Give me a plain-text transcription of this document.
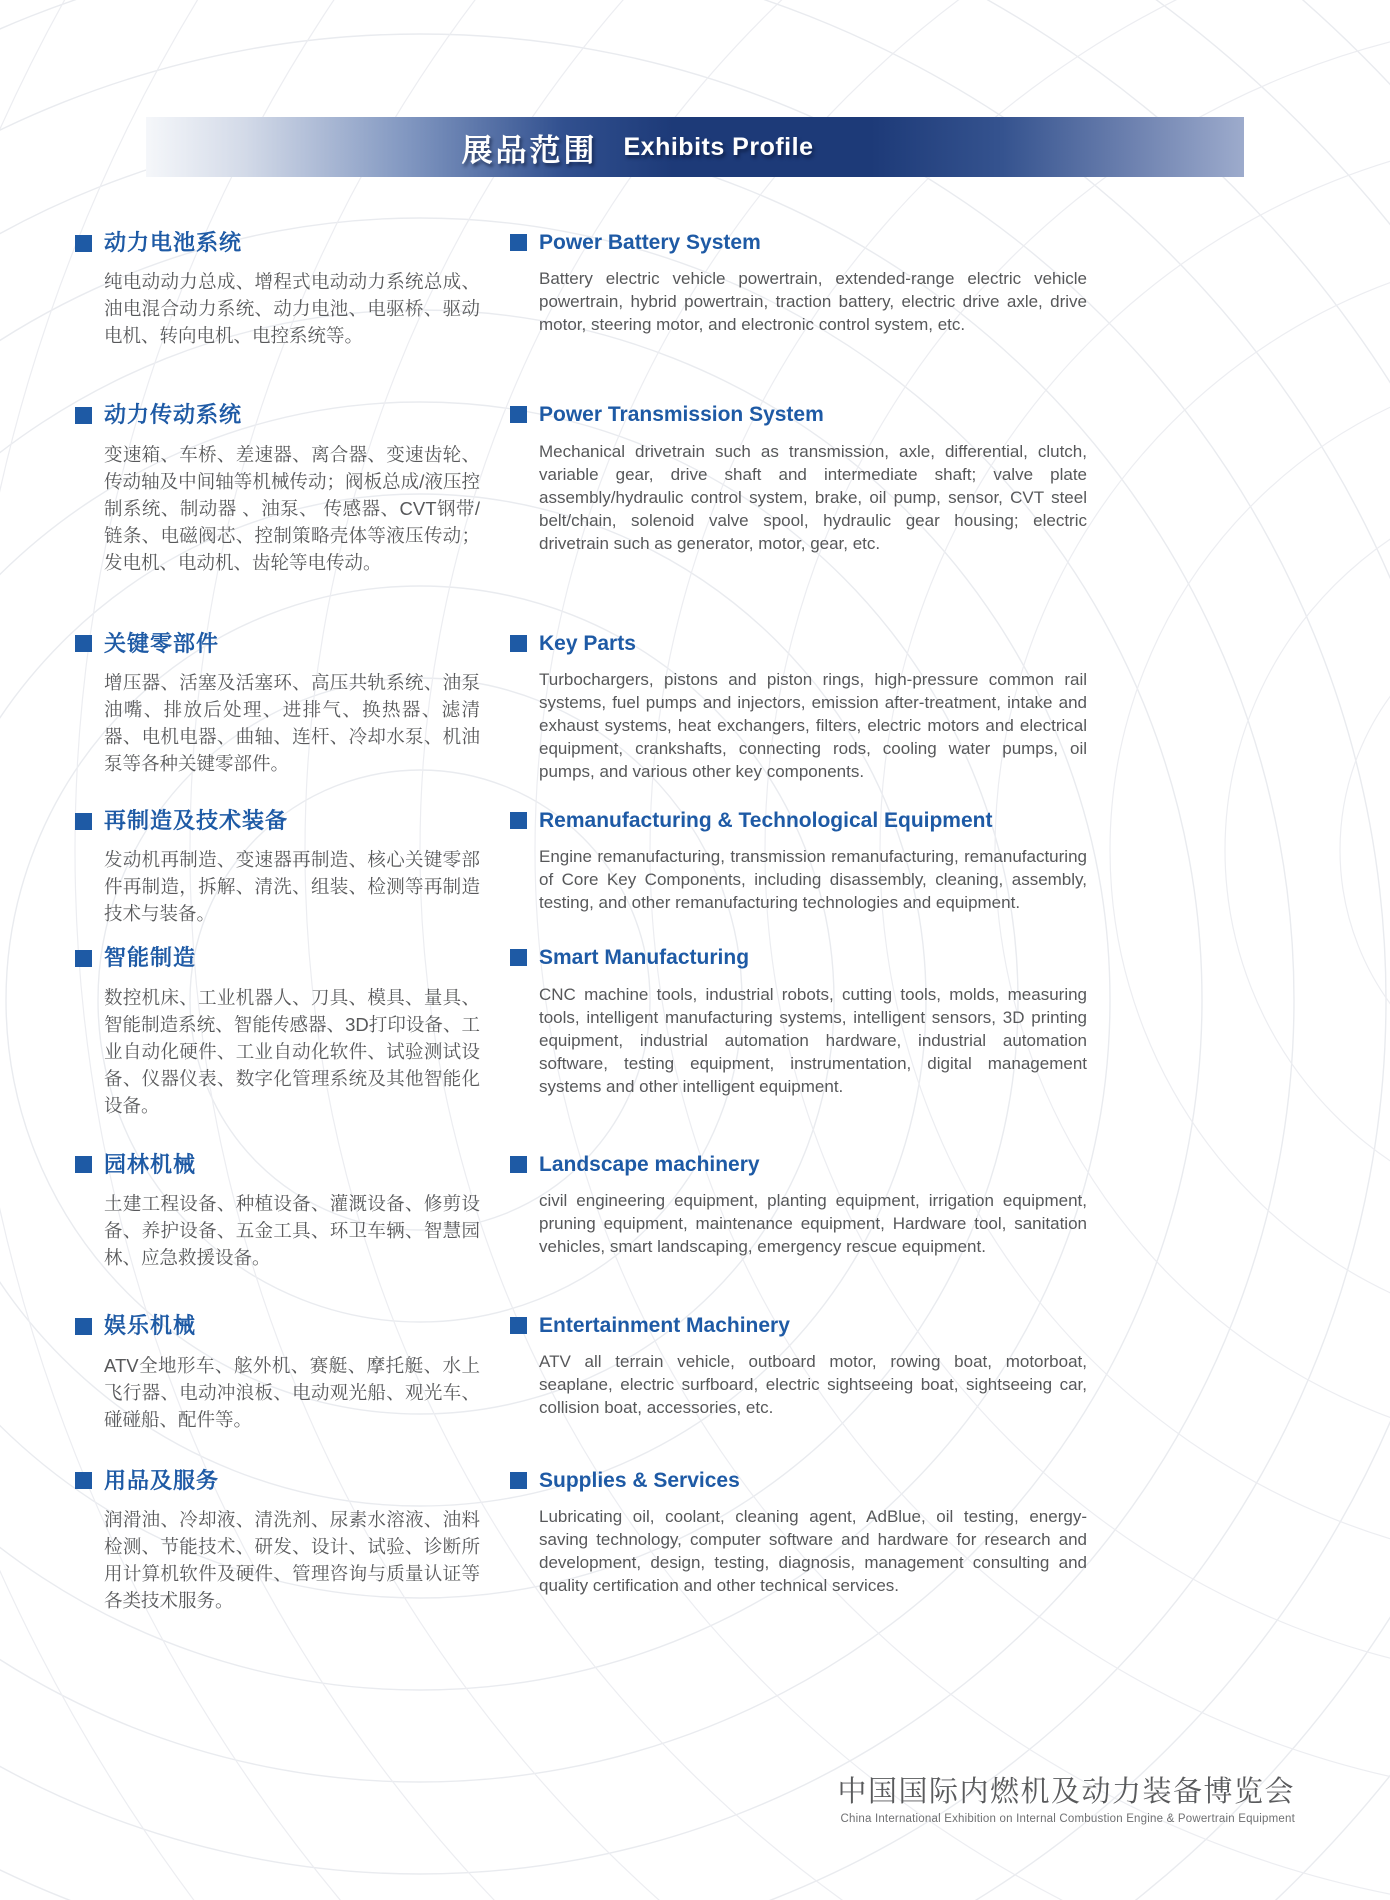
展品范围 Exhibits Profile
动力电池系统
纯电动动力总成、增程式电动动力系统总成、油电混合动力系统、动力电池、电驱桥、驱动电机、转向电机、电控系统等。
Power Battery System
Battery electric vehicle powertrain, extended-range electric vehicle powertrain, hybrid powertrain, traction battery, electric drive axle, drive motor, steering motor, and electronic control system, etc.
动力传动系统
变速箱、车桥、差速器、离合器、变速齿轮、传动轴及中间轴等机械传动；阀板总成/液压控制系统、制动器 、油泵、 传感器、CVT钢带/链条、电磁阀芯、控制策略壳体等液压传动；发电机、电动机、齿轮等电传动。
Power Transmission System
Mechanical drivetrain such as transmission, axle, differential, clutch, variable gear, drive shaft and intermediate shaft; valve plate assembly/hydraulic control system, brake, oil pump, sensor, CVT steel belt/chain, solenoid valve spool, hydraulic gear housing; electric drivetrain such as generator, motor, gear, etc.
关键零部件
增压器、活塞及活塞环、高压共轨系统、油泵油嘴、排放后处理、进排气、换热器、滤清器、电机电器、曲轴、连杆、冷却水泵、机油泵等各种关键零部件。
Key Parts
Turbochargers, pistons and piston rings, high-pressure common rail systems, fuel pumps and injectors, emission after-treatment, intake and exhaust systems, heat exchangers, filters, electric motors and electrical equipment, crankshafts, connecting rods, cooling water pumps, oil pumps, and various other key components.
再制造及技术装备
发动机再制造、变速器再制造、核心关键零部件再制造，拆解、清洗、组装、检测等再制造技术与装备。
Remanufacturing & Technological Equipment
Engine remanufacturing, transmission remanufacturing, remanufacturing of Core Key Components, including disassembly, cleaning, assembly, testing, and other remanufacturing technologies and equipment.
智能制造
数控机床、工业机器人、刀具、模具、量具、智能制造系统、智能传感器、3D打印设备、工业自动化硬件、工业自动化软件、试验测试设备、仪器仪表、数字化管理系统及其他智能化设备。
Smart Manufacturing
CNC machine tools, industrial robots, cutting tools, molds, measuring tools, intelligent manufacturing systems, intelligent sensors, 3D printing equipment, industrial automation hardware, industrial automation software, testing equipment, instrumentation, digital management systems and other intelligent equipment.
园林机械
土建工程设备、种植设备、灌溉设备、修剪设备、养护设备、五金工具、环卫车辆、智慧园林、应急救援设备。
Landscape machinery
civil engineering equipment, planting equipment, irrigation equipment, pruning equipment, maintenance equipment, Hardware tool, sanitation vehicles, smart landscaping, emergency rescue equipment.
娱乐机械
ATV全地形车、舷外机、赛艇、摩托艇、水上飞行器、电动冲浪板、电动观光船、观光车、碰碰船、配件等。
Entertainment Machinery
ATV all terrain vehicle, outboard motor, rowing boat, motorboat, seaplane, electric surfboard, electric sightseeing boat, sightseeing car, collision boat, accessories, etc.
用品及服务
润滑油、冷却液、清洗剂、尿素水溶液、油料检测、节能技术、研发、设计、试验、诊断所用计算机软件及硬件、管理咨询与质量认证等各类技术服务。
Supplies & Services
Lubricating oil, coolant, cleaning agent, AdBlue, oil testing, energy-saving technology, computer software and hardware for research and development, design, testing, diagnosis, management consulting and quality certification and other technical services.
中国国际内燃机及动力装备博览会
China International Exhibition on Internal Combustion Engine & Powertrain Equipment
